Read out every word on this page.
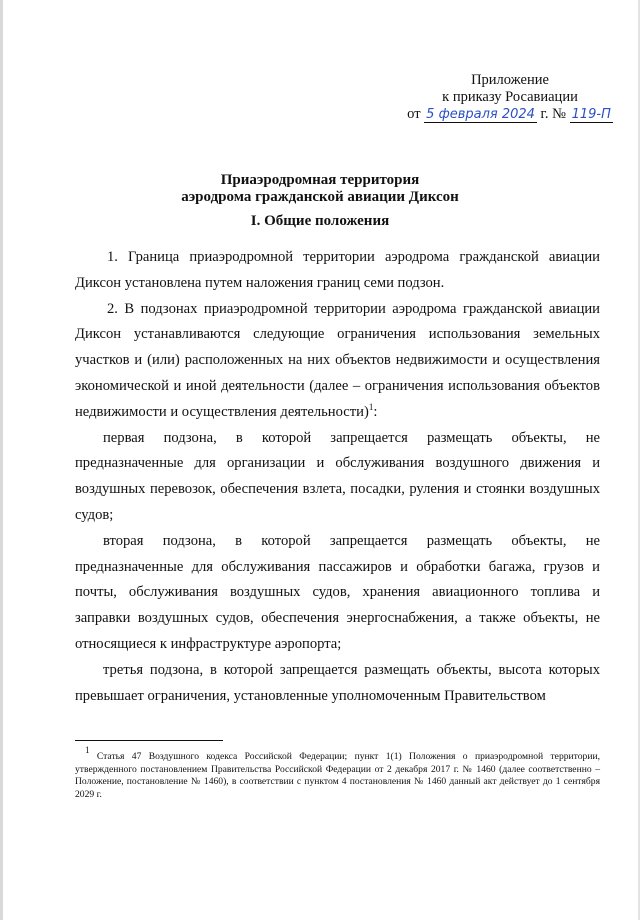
Приложение
к приказу Росавиации
от 5 февраля 2024 г. № 119-П
Приаэродромная территория
аэродрома гражданской авиации Диксон
I. Общие положения

1. Граница приаэродромной территории аэродрома гражданской авиации Диксон установлена путем наложения границ семи подзон.

2. В подзонах приаэродромной территории аэродрома гражданской авиации Диксон устанавливаются следующие ограничения использования земельных участков и (или) расположенных на них объектов недвижимости и осуществления экономической и иной деятельности (далее – ограничения использования объектов недвижимости и осуществления деятельности)$^1$:

первая подзона, в которой запрещается размещать объекты, не предназначенные для организации и обслуживания воздушного движения и воздушных перевозок, обеспечения взлета, посадки, руления и стоянки воздушных судов;

вторая подзона, в которой запрещается размещать объекты, не предназначенные для обслуживания пассажиров и обработки багажа, грузов и почты, обслуживания воздушных судов, хранения авиационного топлива и заправки воздушных судов, обеспечения энергоснабжения, а также объекты, не относящиеся к инфраструктуре аэропорта;

третья подзона, в которой запрещается размещать объекты, высота которых превышает ограничения, установленные уполномоченным Правительством

$^1$ Статья 47 Воздушного кодекса Российской Федерации; пункт 1(1) Положения о приаэродромной территории, утвержденного постановлением Правительства Российской Федерации от 2 декабря 2017 г. № 1460 (далее соответственно – Положение, постановление № 1460), в соответствии с пунктом 4 постановления № 1460 данный акт действует до 1 сентября 2029 г.
